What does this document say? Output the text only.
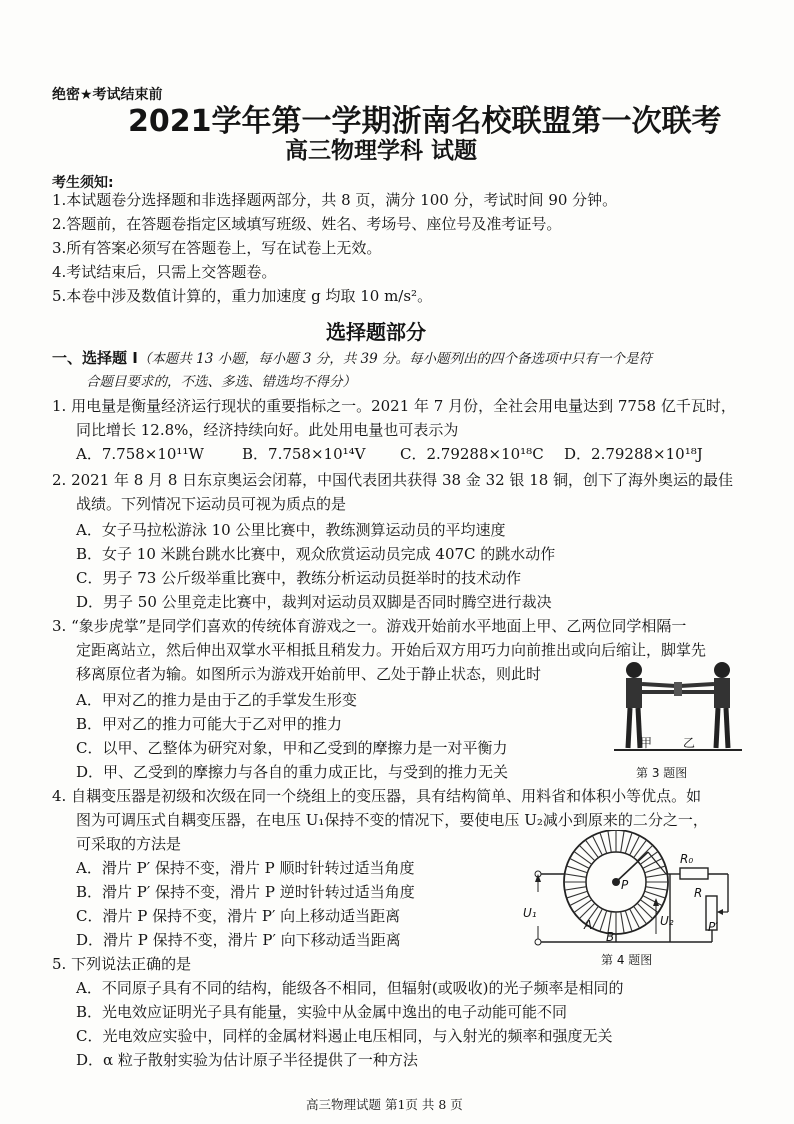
绝密★考试结束前
2021学年第一学期浙南名校联盟第一次联考
高三物理学科 试题
考生须知:
1.本试题卷分选择题和非选择题两部分，共 8 页，满分 100 分，考试时间 90 分钟。
2.答题前，在答题卷指定区域填写班级、姓名、考场号、座位号及准考证号。
3.所有答案必须写在答题卷上，写在试卷上无效。
4.考试结束后，只需上交答题卷。
5.本卷中涉及数值计算的，重力加速度 g 均取 10 m/s²。
选择题部分
一、选择题 I（本题共 13 小题，每小题 3 分，共 39 分。每小题列出的四个备选项中只有一个是符
合题目要求的，不选、多选、错选均不得分）
1. 用电量是衡量经济运行现状的重要指标之一。2021 年 7 月份，全社会用电量达到 7758 亿千瓦时，
同比增长 12.8%，经济持续向好。此处用电量也可表示为
A．7.758×10¹¹W	B．7.758×10¹⁴V C．2.79288×10¹⁸C D．2.79288×10¹⁸J
2. 2021 年 8 月 8 日东京奥运会闭幕，中国代表团共获得 38 金 32 银 18 铜，创下了海外奥运的最佳
战绩。下列情况下运动员可视为质点的是
A．女子马拉松游泳 10 公里比赛中，教练测算运动员的平均速度
B．女子 10 米跳台跳水比赛中，观众欣赏运动员完成 407C 的跳水动作
C．男子 73 公斤级举重比赛中，教练分析运动员挺举时的技术动作
D．男子 50 公里竞走比赛中，裁判对运动员双脚是否同时腾空进行裁决
3. “象步虎掌”是同学们喜欢的传统体育游戏之一。游戏开始前水平地面上甲、乙两位同学相隔一
定距离站立，然后伸出双掌水平相抵且稍发力。开始后双方用巧力向前推出或向后缩让，脚掌先
移离原位者为输。如图所示为游戏开始前甲、乙处于静止状态，则此时
A．甲对乙的推力是由于乙的手掌发生形变
B．甲对乙的推力可能大于乙对甲的推力
C．以甲、乙整体为研究对象，甲和乙受到的摩擦力是一对平衡力
D．甲、乙受到的摩擦力与各自的重力成正比，与受到的推力无关
甲	乙
第 3 题图
4. 自耦变压器是初级和次级在同一个绕组上的变压器，具有结构简单、用料省和体积小等优点。如
图为可调压式自耦变压器，在电压 U₁保持不变的情况下，要使电压 U₂减小到原来的二分之一，
可采取的方法是
A．滑片 P′ 保持不变，滑片 P 顺时针转过适当角度
B．滑片 P′ 保持不变，滑片 P 逆时针转过适当角度
C．滑片 P 保持不变，滑片 P′ 向上移动适当距离
D．滑片 P 保持不变，滑片 P′ 向下移动适当距离
P
R₀
R
P′
U₁
U₂
A
B
第 4 题图
5. 下列说法正确的是
A．不同原子具有不同的结构，能级各不相同，但辐射(或吸收)的光子频率是相同的
B．光电效应证明光子具有能量，实验中从金属中逸出的电子动能可能不同
C．光电效应实验中，同样的金属材料遏止电压相同，与入射光的频率和强度无关
D．α 粒子散射实验为估计原子半径提供了一种方法
高三物理试题 第1页 共 8 页
